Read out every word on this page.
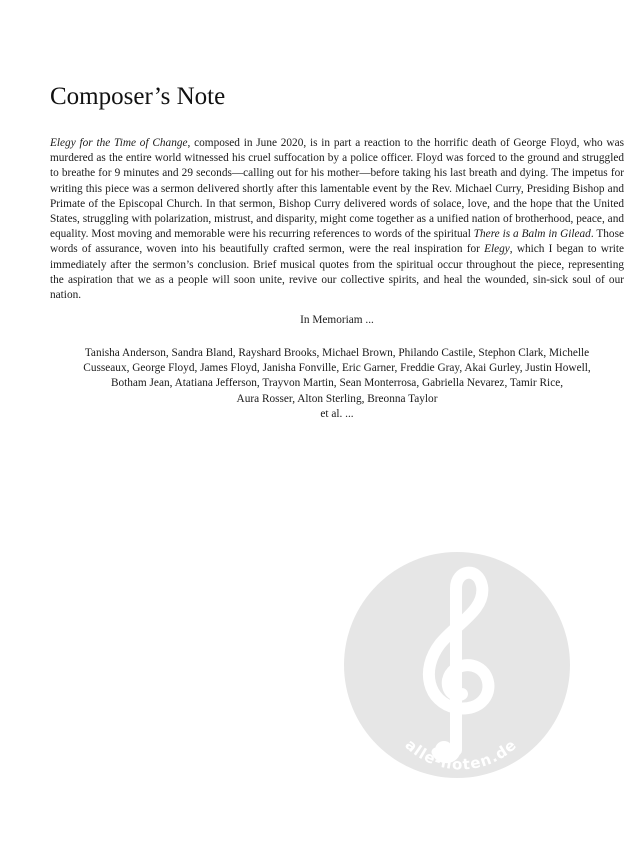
Composer’s Note

Elegy for the Time of Change, composed in June 2020, is in part a reaction to the horrific death of George Floyd, who was murdered as the entire world witnessed his cruel suffocation by a police officer. Floyd was forced to the ground and struggled to breathe for 9 minutes and 29 seconds—calling out for his mother—before taking his last breath and dying. The impetus for writing this piece was a sermon delivered shortly after this lamentable event by the Rev. Michael Curry, Presiding Bishop and Primate of the Episcopal Church. In that sermon, Bishop Curry delivered words of solace, love, and the hope that the United States, struggling with polarization, mistrust, and disparity, might come together as a unified nation of brotherhood, peace, and equality. Most moving and memorable were his recurring references to words of the spiritual There is a Balm in Gilead. Those words of assurance, woven into his beautifully crafted sermon, were the real inspiration for Elegy, which I began to write immediately after the sermon’s conclusion. Brief musical quotes from the spiritual occur throughout the piece, representing the aspiration that we as a people will soon unite, revive our collective spirits, and heal the wounded, sin-sick soul of our nation.

In Memoriam ...

Tanisha Anderson, Sandra Bland, Rayshard Brooks, Michael Brown, Philando Castile, Stephon Clark, Michelle
Cusseaux, George Floyd, James Floyd, Janisha Fonville, Eric Garner, Freddie Gray, Akai Gurley, Justin Howell,
Botham Jean, Atatiana Jefferson, Trayvon Martin, Sean Monterrosa, Gabriella Nevarez, Tamir Rice,
Aura Rosser, Alton Sterling, Breonna Taylor
et al. ...

alle-noten.de
